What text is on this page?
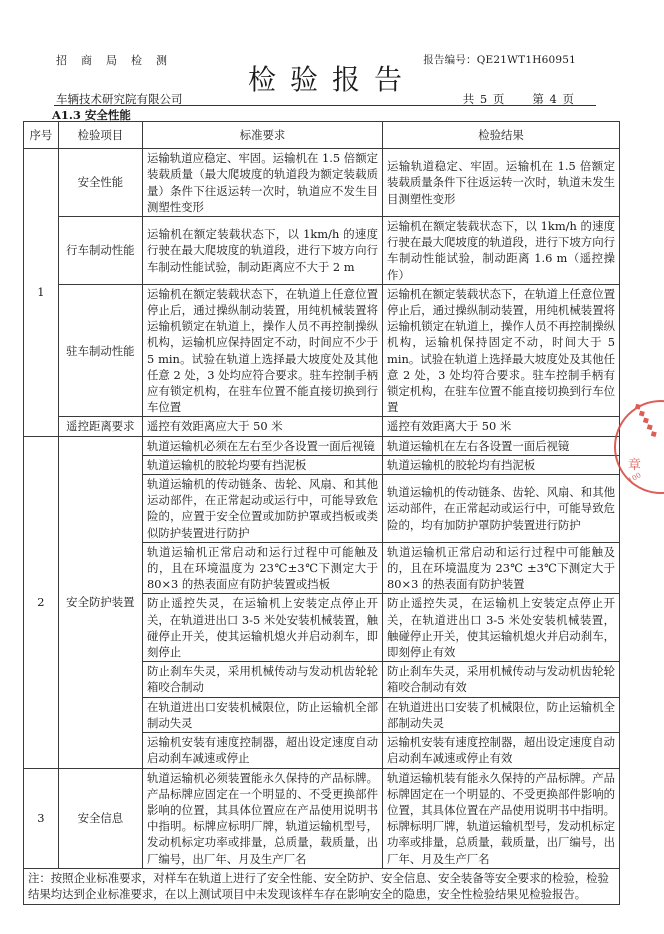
招商局检测	报告编号：QE21WT1H60951
检验报告
车辆技术研究院有限公司	共 5 页 第 4 页
A1.3 安全性能
序号	检验项目	标准要求	检验结果
1	安全性能	运输轨道应稳定、牢固。运输机在 1.5 倍额定装载质量（最大爬坡度的轨道段为额定装载质量）条件下往返运转一次时，轨道应不发生目测塑性变形	运输轨道稳定、牢固。运输机在 1.5 倍额定装载质量条件下往返运转一次时，轨道未发生目测塑性变形
	行车制动性能	运输机在额定装载状态下，以 1km/h 的速度行驶在最大爬坡度的轨道段，进行下坡方向行车制动性能试验，制动距离应不大于 2 m	运输机在额定装载状态下，以 1km/h 的速度行驶在最大爬坡度的轨道段，进行下坡方向行车制动性能试验，制动距离 1.6 m（遥控操作）
	驻车制动性能	运输机在额定装载状态下，在轨道上任意位置停止后，通过操纵制动装置，用纯机械装置将运输机锁定在轨道上，操作人员不再控制操纵机构，运输机应保持固定不动，时间应不少于 5 min。试验在轨道上选择最大坡度处及其他任意 2 处，3 处均应符合要求。驻车控制手柄应有锁定机构，在驻车位置不能直接切换到行车位置	运输机在额定装载状态下，在轨道上任意位置停止后，通过操纵制动装置，用纯机械装置将运输机锁定在轨道上，操作人员不再控制操纵机构，运输机保持固定不动，时间大于 5 min。试验在轨道上选择最大坡度处及其他任意 2 处，3 处均符合要求。驻车控制手柄有锁定机构，在驻车位置不能直接切换到行车位置
	遥控距离要求	遥控有效距离应大于 50 米	遥控有效距离大于 50 米
2	安全防护装置	轨道运输机必须在左右至少各设置一面后视镜	轨道运输机在左右各设置一面后视镜
		轨道运输机的胶轮均要有挡泥板	轨道运输机的胶轮均有挡泥板
		轨道运输机的传动链条、齿轮、风扇、和其他运动部件，在正常起动或运行中，可能导致危险的，应置于安全位置或加防护罩或挡板或类似防护装置进行防护	轨道运输机的传动链条、齿轮、风扇、和其他运动部件，在正常起动或运行中，可能导致危险的，均有加防护罩防护装置进行防护
		轨道运输机正常启动和运行过程中可能触及的，且在环境温度为 23℃±3℃下测定大于 80×3 的热表面应有防护装置或挡板	轨道运输机正常启动和运行过程中可能触及的，且在环境温度为 23℃ ±3℃下测定大于 80×3 的热表面有防护装置
		防止遥控失灵，在运输机上安装定点停止开关，在轨道进出口 3-5 米处安装机械装置，触碰停止开关，使其运输机熄火并启动刹车，即刻停止	防止遥控失灵，在运输机上安装定点停止开关，在轨道进出口 3-5 米处安装机械装置，触碰停止开关，使其运输机熄火并启动刹车，即刻停止有效
		防止刹车失灵，采用机械传动与发动机齿轮轮箱咬合制动	防止刹车失灵，采用机械传动与发动机齿轮轮箱咬合制动有效
		在轨道进出口安装机械限位，防止运输机全部制动失灵	在轨道进出口安装了机械限位，防止运输机全部制动失灵
		运输机安装有速度控制器，超出设定速度自动启动刹车减速或停止	运输机安装有速度控制器，超出设定速度自动启动刹车减速或停止有效
3	安全信息	轨道运输机必须装置能永久保持的产品标牌。产品标牌应固定在一个明显的、不受更换部件影响的位置，其具体位置应在产品使用说明书中指明。标牌应标明厂牌，轨道运输机型号，发动机标定功率或排量，总质量，载质量，出厂编号，出厂年、月及生产厂名	轨道运输机装有能永久保持的产品标牌。产品标牌固定在一个明显的、不受更换部件影响的位置，其具体位置在产品使用说明书中指明。标牌标明厂牌，轨道运输机型号，发动机标定功率或排量，总质量，载质量，出厂编号，出厂年、月及生产厂名
注：按照企业标准要求，对样车在轨道上进行了安全性能、安全防护、安全信息、安全装备等安全要求的检验，检验结果均达到企业标准要求，在以上测试项目中未发现该样车存在影响安全的隐患，安全性检验结果见检验报告。			
◆◆◆◆◆
章
100
